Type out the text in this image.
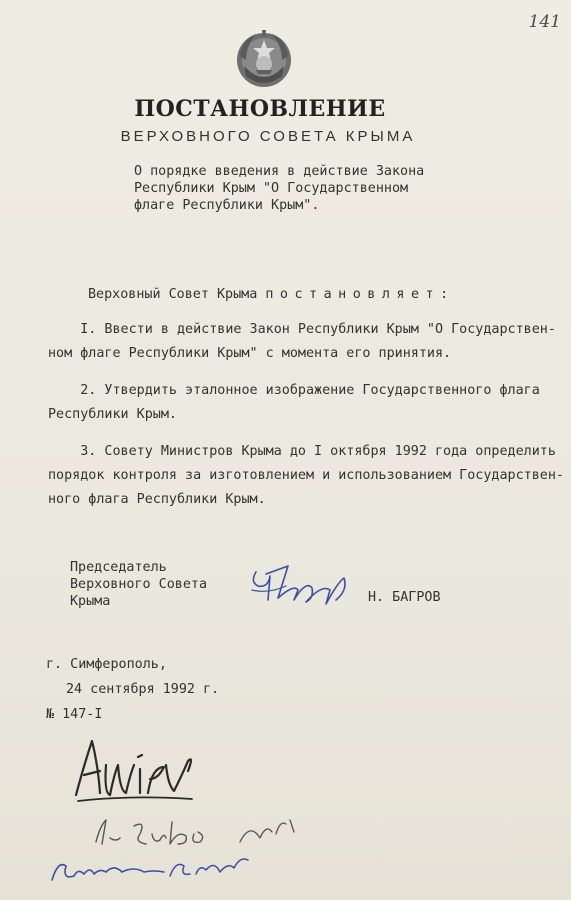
141
ПОСТАНОВЛЕНИЕ
ВЕРХОВНОГО СОВЕТА КРЫМА
О порядке введения в действие Закона
Республики Крым "О Государственном
флаге Республики Крым".
Верховный Совет Крыма постановляет:
I. Ввести в действие Закон Республики Крым "О Государствен-
ном флаге Республики Крым" с момента его принятия.
2. Утвердить эталонное изображение Государственного флага
Республики Крым.
3. Совету Министров Крыма до I октября 1992 года определить
порядок контроля за изготовлением и использованием Государствен-
ного флага Республики Крым.
Председатель
Верховного Совета
Крыма	Н. БАГРОВ
г. Симферополь,
24 сентября 1992 г.
№ 147-I
